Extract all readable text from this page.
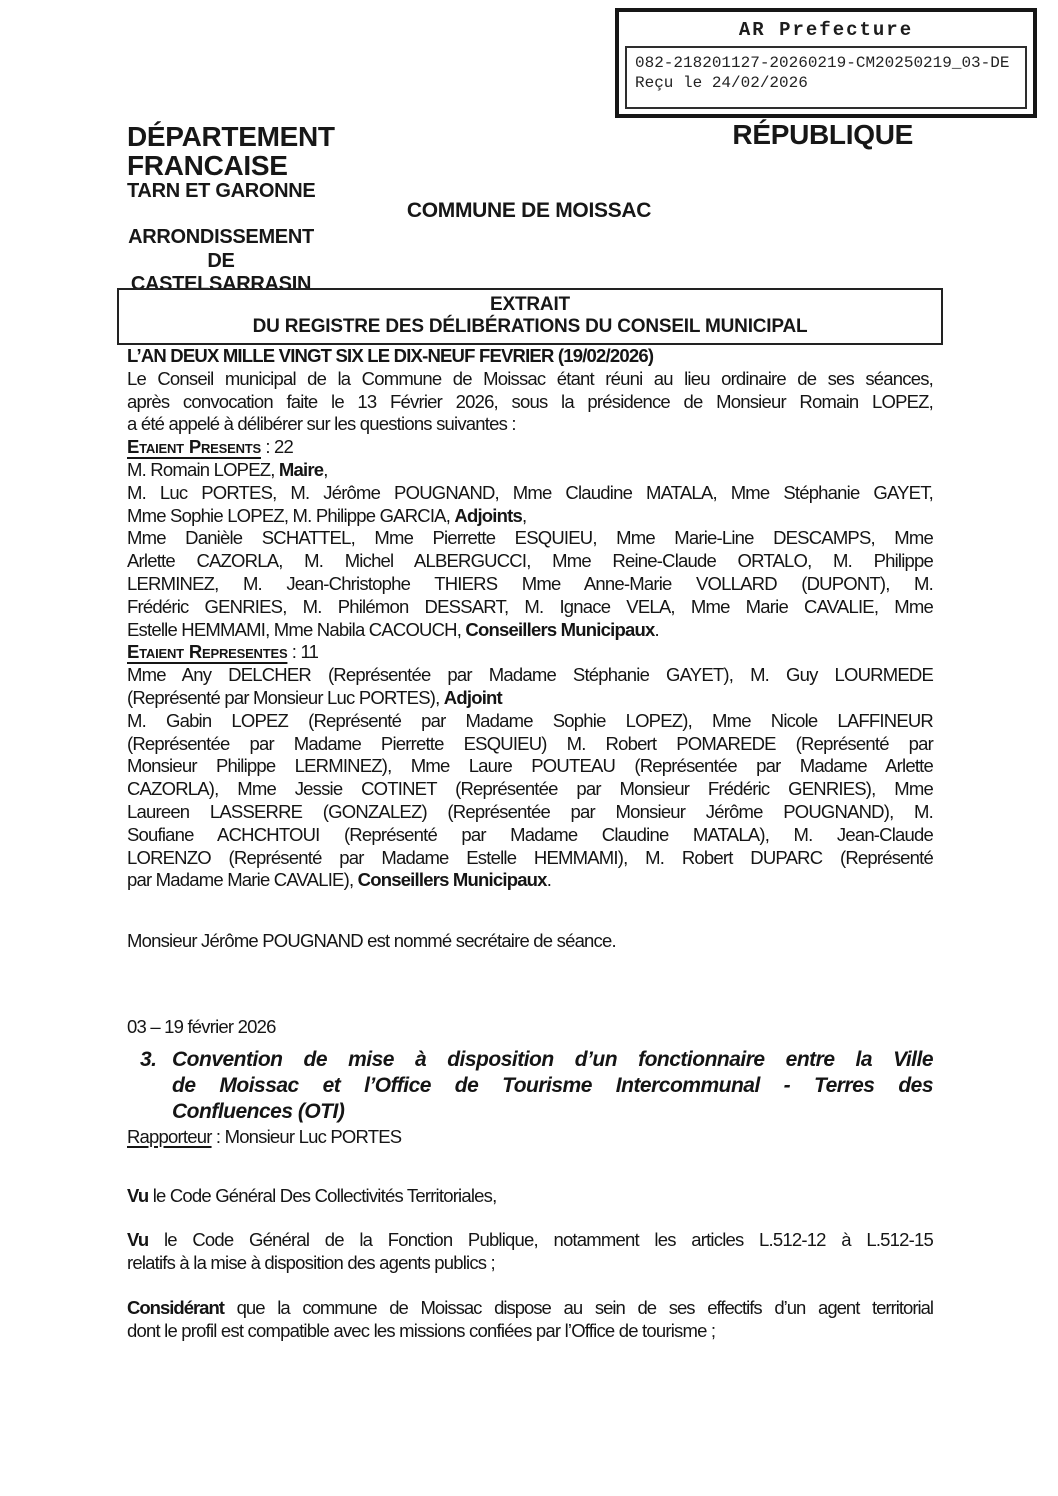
AR Prefecture
082-218201127-20260219-CM20250219_03-DE
Reçu le 24/02/2026
DÉPARTEMENT
FRANCAISE
TARN ET GARONNE
RÉPUBLIQUE
COMMUNE DE MOISSAC
ARRONDISSEMENT
DE
CASTELSARRASIN
EXTRAIT
DU REGISTRE DES DÉLIBÉRATIONS DU CONSEIL MUNICIPAL
L’AN DEUX MILLE VINGT SIX LE DIX-NEUF FEVRIER (19/02/2026)
Le Conseil municipal de la Commune de Moissac étant réuni au lieu ordinaire de ses séances,
après convocation faite le 13 Février 2026, sous la présidence de Monsieur Romain LOPEZ,
a été appelé à délibérer sur les questions suivantes :
Etaient Presents : 22
M. Romain LOPEZ, Maire,
M. Luc PORTES, M. Jérôme POUGNAND, Mme Claudine MATALA, Mme Stéphanie GAYET,
Mme Sophie LOPEZ, M. Philippe GARCIA, Adjoints,
Mme Danièle SCHATTEL, Mme Pierrette ESQUIEU, Mme Marie-Line DESCAMPS, Mme
Arlette CAZORLA, M. Michel ALBERGUCCI, Mme Reine-Claude ORTALO, M. Philippe
LERMINEZ, M. Jean-Christophe THIERS Mme Anne-Marie VOLLARD (DUPONT), M.
Frédéric GENRIES, M. Philémon DESSART, M. Ignace VELA, Mme Marie CAVALIE, Mme
Estelle HEMMAMI, Mme Nabila CACOUCH, Conseillers Municipaux.
Etaient Representes : 11
Mme Any DELCHER (Représentée par Madame Stéphanie GAYET), M. Guy LOURMEDE
(Représenté par Monsieur Luc PORTES), Adjoint
M. Gabin LOPEZ (Représenté par Madame Sophie LOPEZ), Mme Nicole LAFFINEUR
(Représentée par Madame Pierrette ESQUIEU) M. Robert POMAREDE (Représenté par
Monsieur Philippe LERMINEZ), Mme Laure POUTEAU (Représentée par Madame Arlette
CAZORLA), Mme Jessie COTINET (Représentée par Monsieur Frédéric GENRIES), Mme
Laureen LASSERRE (GONZALEZ) (Représentée par Monsieur Jérôme POUGNAND), M.
Soufiane ACHCHTOUI (Représenté par Madame Claudine MATALA), M. Jean-Claude
LORENZO (Représenté par Madame Estelle HEMMAMI), M. Robert DUPARC (Représenté
par Madame Marie CAVALIE), Conseillers Municipaux.
Monsieur Jérôme POUGNAND est nommé secrétaire de séance.
03 – 19 février 2026
3. Convention de mise à disposition d’un fonctionnaire entre la Ville
de Moissac et l’Office de Tourisme Intercommunal - Terres des
Confluences (OTI)
Rapporteur : Monsieur Luc PORTES
Vu le Code Général Des Collectivités Territoriales,
Vu le Code Général de la Fonction Publique, notamment les articles L.512-12 à L.512-15
relatifs à la mise à disposition des agents publics ;
Considérant que la commune de Moissac dispose au sein de ses effectifs d’un agent territorial
dont le profil est compatible avec les missions confiées par l’Office de tourisme ;
